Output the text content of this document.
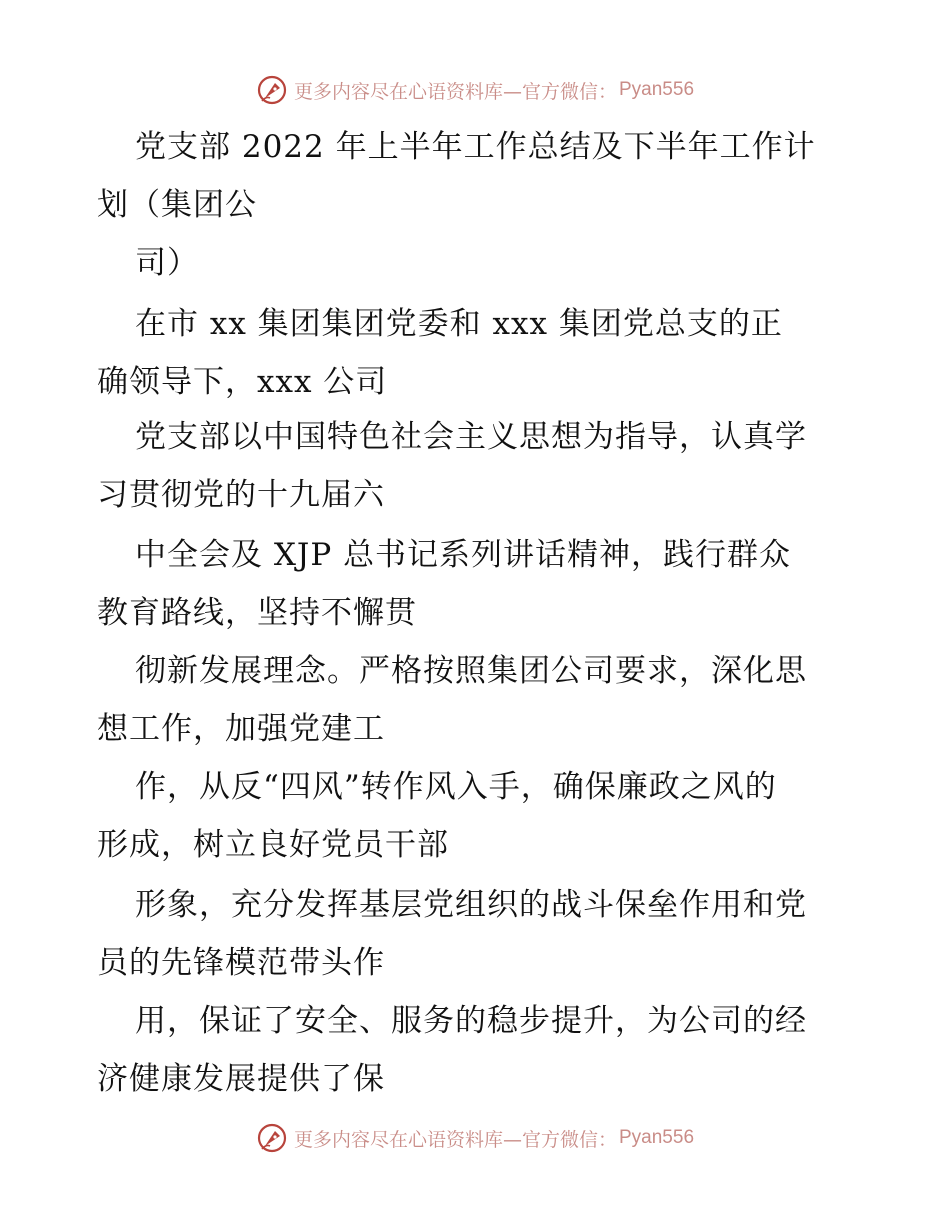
更多内容尽在心语资料库—官方微信： Pyan556
党支部 2022 年上半年工作总结及下半年工作计
划（集团公
司）
在市 xx 集团集团党委和 xxx 集团党总支的正
确领导下，xxx 公司
党支部以中国特色社会主义思想为指导，认真学
习贯彻党的十九届六
中全会及 XJP 总书记系列讲话精神，践行群众
教育路线，坚持不懈贯
彻新发展理念。严格按照集团公司要求，深化思
想工作，加强党建工
作，从反“四风”转作风入手，确保廉政之风的
形成，树立良好党员干部
形象，充分发挥基层党组织的战斗保垒作用和党
员的先锋模范带头作
用，保证了安全、服务的稳步提升，为公司的经
济健康发展提供了保
更多内容尽在心语资料库—官方微信： Pyan556
